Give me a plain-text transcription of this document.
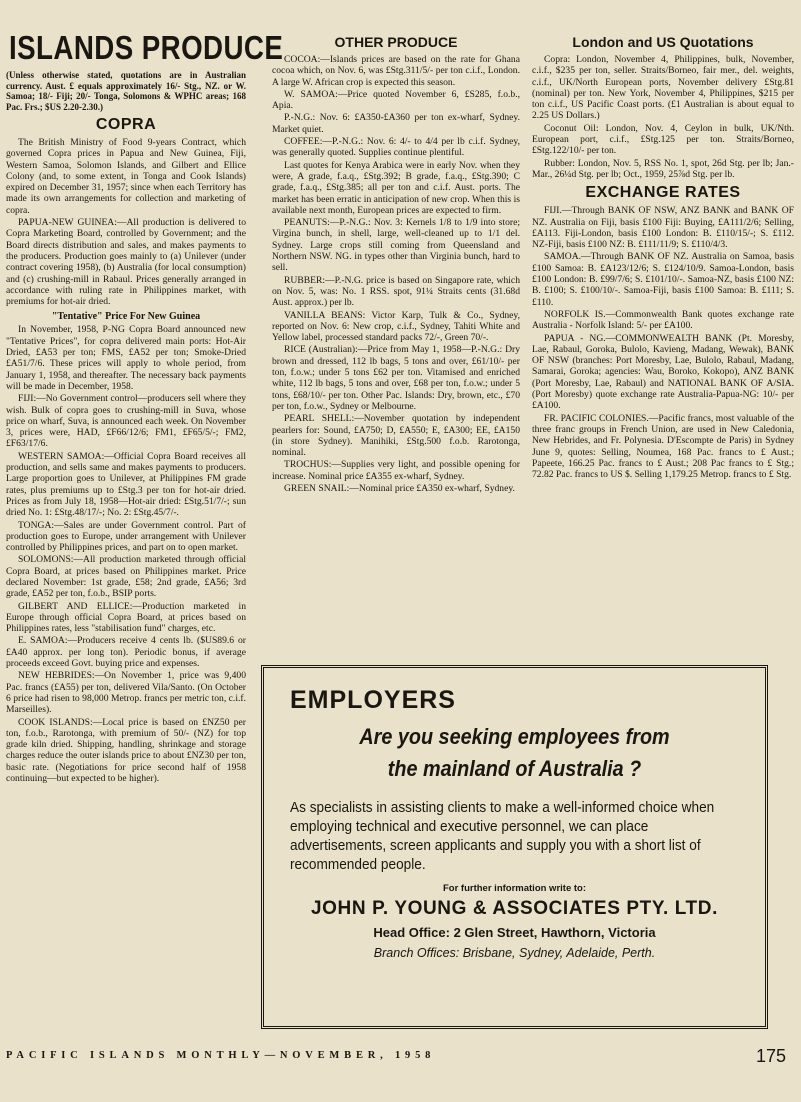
ISLANDS PRODUCE

(Unless otherwise stated, quotations are in Australian currency. Aust. £ equals approximately 16/- Stg., NZ. or W. Samoa; 18/- Fiji; 20/- Tonga, Solomons & WPHC areas; 168 Pac. Frs.; $US 2.20-2.30.)

COPRA

The British Ministry of Food 9-years Contract, which governed Copra prices in Papua and New Guinea, Fiji, Western Samoa, Solomon Islands, and Gilbert and Ellice Colony (and, to some extent, in Tonga and Cook Islands) expired on December 31, 1957; since when each Territory has made its own arrangements for collection and marketing of copra.

PAPUA-NEW GUINEA:—All production is delivered to Copra Marketing Board, controlled by Government; and the Board directs distribution and sales, and makes payments to the producers. Production goes mainly to (a) Unilever (under contract covering 1958), (b) Australia (for local consumption) and (c) crushing-mill in Rabaul. Prices generally arranged in accordance with ruling rate in Philippines market, with premiums for hot-air dried.

"Tentative" Price For New Guinea

In November, 1958, P-NG Copra Board announced new "Tentative Prices", for copra delivered main ports: Hot-Air Dried, £A53 per ton; FMS, £A52 per ton; Smoke-Dried £A51/7/6. These prices will apply to whole period, from January 1, 1958, and thereafter. The necessary back payments will be made in December, 1958.

FIJI:—No Government control—producers sell where they wish. Bulk of copra goes to crushing-mill in Suva, whose price on wharf, Suva, is announced each week. On November 3, prices were, HAD, £F66/12/6; FM1, £F65/5/-; FM2, £F63/17/6.

WESTERN SAMOA:—Official Copra Board receives all production, and sells same and makes payments to producers. Large proportion goes to Unilever, at Philippines FM grade rates, plus premiums up to £Stg.3 per ton for hot-air dried. Prices as from July 18, 1958—Hot-air dried: £Stg.51/7/-; sun dried No. 1: £Stg.48/17/-; No. 2: £Stg.45/7/-.

TONGA:—Sales are under Government control. Part of production goes to Europe, under arrangement with Unilever controlled by Philippines prices, and part on to open market.

SOLOMONS:—All production marketed through official Copra Board, at prices based on Philippines market. Price declared November: 1st grade, £58; 2nd grade, £A56; 3rd grade, £A52 per ton, f.o.b., BSIP ports.

GILBERT AND ELLICE:—Production marketed in Europe through official Copra Board, at prices based on Philippines rates, less "stabilisation fund" charges, etc.

E. SAMOA:—Producers receive 4 cents lb. ($US89.6 or £A40 approx. per long ton). Periodic bonus, if average proceeds exceed Govt. buying price and expenses.

NEW HEBRIDES:—On November 1, price was 9,400 Pac. francs (£A55) per ton, delivered Vila/Santo. (On October 6 price had risen to 98,000 Metrop. francs per metric ton, c.i.f. Marseilles).

COOK ISLANDS:—Local price is based on £NZ50 per ton, f.o.b., Rarotonga, with premium of 50/- (NZ) for top grade kiln dried. Shipping, handling, shrinkage and storage charges reduce the outer islands price to about £NZ30 per ton, basic rate. (Negotiations for price second half of 1958 continuing—but expected to be higher).

OTHER PRODUCE

COCOA:—Islands prices are based on the rate for Ghana cocoa which, on Nov. 6, was £Stg.311/5/- per ton c.i.f., London. A large W. African crop is expected this season.

W. SAMOA:—Price quoted November 6, £S285, f.o.b., Apia.

P.-N.G.: Nov. 6: £A350-£A360 per ton ex-wharf, Sydney. Market quiet.

COFFEE:—P.-N.G.: Nov. 6: 4/- to 4/4 per lb c.i.f. Sydney, was generally quoted. Supplies continue plentiful.

Last quotes for Kenya Arabica were in early Nov. when they were, A grade, f.a.q., £Stg.392; B grade, f.a.q., £Stg.390; C grade, f.a.q., £Stg.385; all per ton and c.i.f. Aust. ports. The market has been erratic in anticipation of new crop. When this is available next month, European prices are expected to firm.

PEANUTS:—P.-N.G.: Nov. 3: Kernels 1/8 to 1/9 into store; Virgina bunch, in shell, large, well-cleaned up to 1/1 del. Sydney. Large crops still coming from Queensland and Northern NSW. NG. in types other than Virginia bunch, hard to sell.

RUBBER:—P.-N.G. price is based on Singapore rate, which on Nov. 5, was: No. 1 RSS. spot, 91¼ Straits cents (31.68d Aust. approx.) per lb.

VANILLA BEANS: Victor Karp, Tulk & Co., Sydney, reported on Nov. 6: New crop, c.i.f., Sydney, Tahiti White and Yellow label, processed standard packs 72/-, Green 70/-.

RICE (Australian):—Price from May 1, 1958—P.-N.G.: Dry brown and dressed, 112 lb bags, 5 tons and over, £61/10/- per ton, f.o.w.; under 5 tons £62 per ton. Vitamised and enriched white, 112 lb bags, 5 tons and over, £68 per ton, f.o.w.; under 5 tons, £68/10/- per ton. Other Pac. Islands: Dry, brown, etc., £70 per ton, f.o.w., Sydney or Melbourne.

PEARL SHELL:—November quotation by independent pearlers for: Sound, £A750; D, £A550; E, £A300; EE, £A150 (in store Sydney). Manihiki, £Stg.500 f.o.b. Rarotonga, nominal.

TROCHUS:—Supplies very light, and possible opening for increase. Nominal price £A355 ex-wharf, Sydney.

GREEN SNAIL:—Nominal price £A350 ex-wharf, Sydney.

London and US Quotations

Copra: London, November 4, Philippines, bulk, November, c.i.f., $235 per ton, seller. Straits/Borneo, fair mer., del. weights, c.i.f., UK/North European ports, November delivery £Stg.81 (nominal) per ton. New York, November 4, Philippines, $215 per ton c.i.f., US Pacific Coast ports. (£1 Australian is about equal to 2.25 US Dollars.)

Coconut Oil: London, Nov. 4, Ceylon in bulk, UK/Nth. European port, c.i.f., £Stg.125 per ton. Straits/Borneo, £Stg.122/10/- per ton.

Rubber: London, Nov. 5, RSS No. 1, spot, 26d Stg. per lb; Jan.-Mar., 26¼d Stg. per lb; Oct., 1959, 25⅞d Stg. per lb.

EXCHANGE RATES

FIJI.—Through BANK OF NSW, ANZ BANK and BANK OF NZ. Australia on Fiji, basis £100 Fiji: Buying, £A111/2/6; Selling, £A113. Fiji-London, basis £100 London: B. £110/15/-; S. £112. NZ-Fiji, basis £100 NZ: B. £111/11/9; S. £110/4/3.

SAMOA.—Through BANK OF NZ. Australia on Samoa, basis £100 Samoa: B. £A123/12/6; S. £124/10/9. Samoa-London, basis £100 London: B. £99/7/6; S. £101/10/-. Samoa-NZ, basis £100 NZ: B. £100; S. £100/10/-. Samoa-Fiji, basis £100 Samoa: B. £111; S. £110.

NORFOLK IS.—Commonwealth Bank quotes exchange rate Australia - Norfolk Island: 5/- per £A100.

PAPUA - NG.—COMMONWEALTH BANK (Pt. Moresby, Lae, Rabaul, Goroka, Bulolo, Kavieng, Madang, Wewak), BANK OF NSW (branches: Port Moresby, Lae, Bulolo, Rabaul, Madang, Samarai, Goroka; agencies: Wau, Boroko, Kokopo), ANZ BANK (Port Moresby, Lae, Rabaul) and NATIONAL BANK OF A/SIA. (Port Moresby) quote exchange rate Australia-Papua-NG: 10/- per £A100.

FR. PACIFIC COLONIES.—Pacific francs, most valuable of the three franc groups in French Union, are used in New Caledonia, New Hebrides, and Fr. Polynesia. D'Escompte de Paris) in Sydney June 9, quotes: Selling, Noumea, 168 Pac. francs to £ Aust.; Papeete, 166.25 Pac. francs to £ Aust.; 208 Pac francs to £ Stg.; 72.82 Pac. francs to US $. Selling 1,179.25 Metrop. francs to £ Stg.

EMPLOYERS
Are you seeking employees from
the mainland of Australia ?
As specialists in assisting clients to make a well-informed choice when employing technical and executive personnel, we can place advertisements, screen applicants and supply you with a short list of recommended people.
For further information write to:
JOHN P. YOUNG & ASSOCIATES PTY. LTD.
Head Office: 2 Glen Street, Hawthorn, Victoria
Branch Offices: Brisbane, Sydney, Adelaide, Perth.
PACIFIC ISLANDS MONTHLY—NOVEMBER, 1958	175
